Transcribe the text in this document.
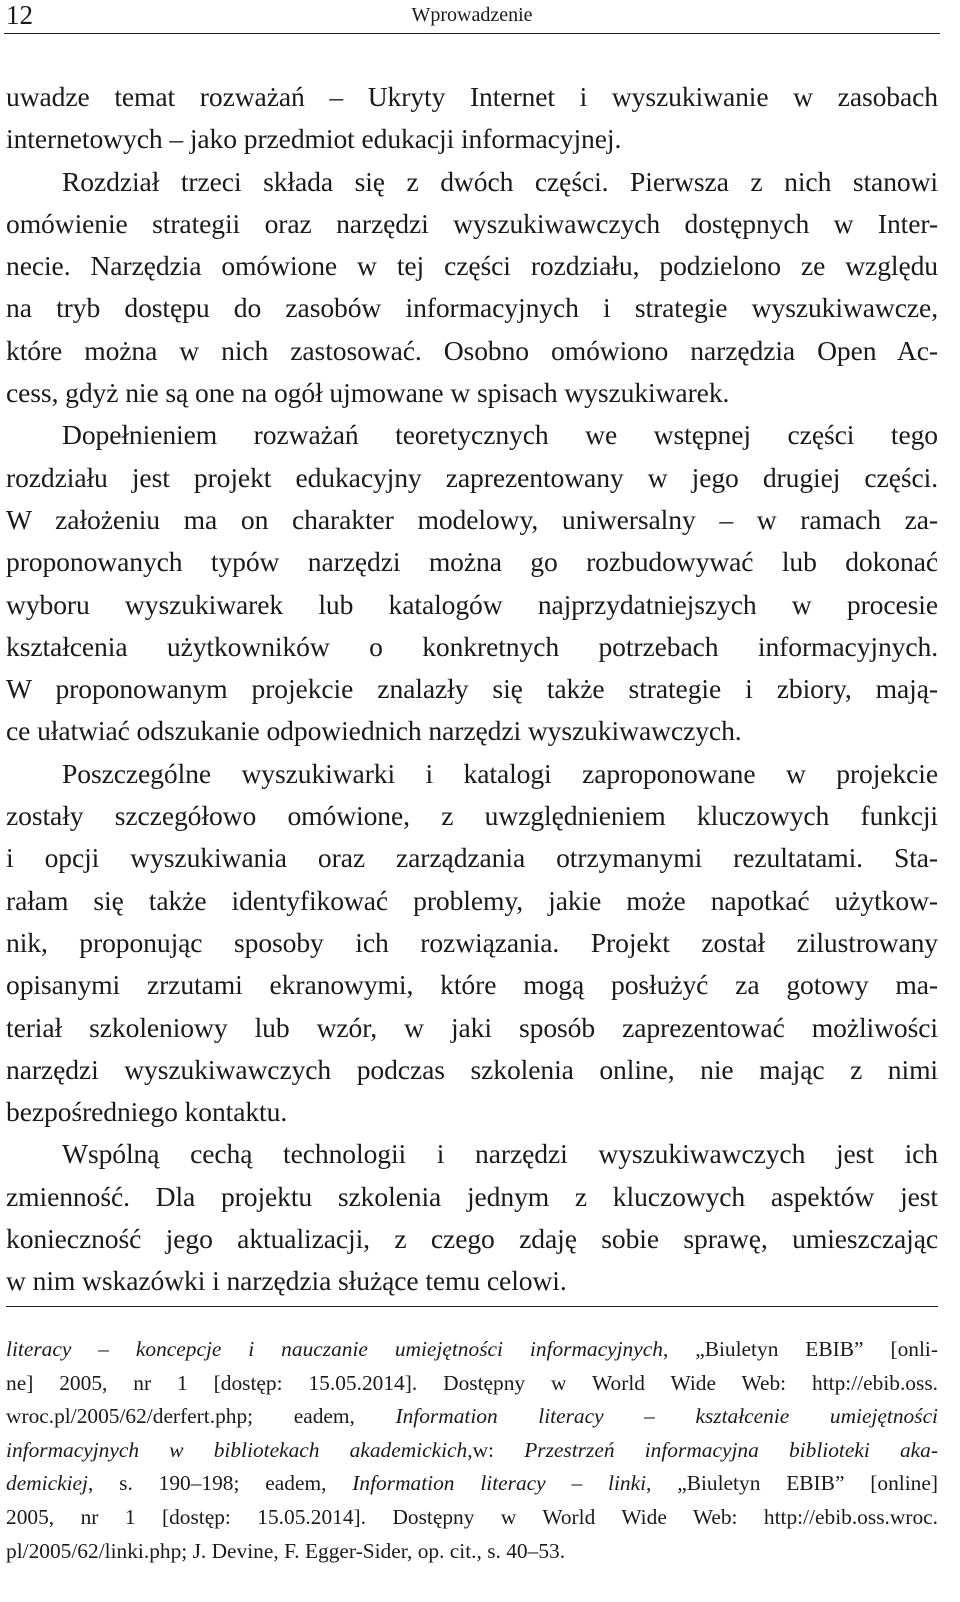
12	Wprowadzenie
uwadze temat rozważań – Ukryty Internet i wyszukiwanie w zasobach
internetowych – jako przedmiot edukacji informacyjnej.
Rozdział trzeci składa się z dwóch części. Pierwsza z nich stanowi
omówienie strategii oraz narzędzi wyszukiwawczych dostępnych w Inter-
necie. Narzędzia omówione w tej części rozdziału, podzielono ze względu
na tryb dostępu do zasobów informacyjnych i strategie wyszukiwawcze,
które można w nich zastosować. Osobno omówiono narzędzia Open Ac-
cess, gdyż nie są one na ogół ujmowane w spisach wyszukiwarek.
Dopełnieniem rozważań teoretycznych we wstępnej części tego
rozdziału jest projekt edukacyjny zaprezentowany w jego drugiej części.
W założeniu ma on charakter modelowy, uniwersalny – w ramach za-
proponowanych typów narzędzi można go rozbudowywać lub dokonać
wyboru wyszukiwarek lub katalogów najprzydatniejszych w procesie
kształcenia użytkowników o konkretnych potrzebach informacyjnych.
W proponowanym projekcie znalazły się także strategie i zbiory, mają-
ce ułatwiać odszukanie odpowiednich narzędzi wyszukiwawczych.
Poszczególne wyszukiwarki i katalogi zaproponowane w projekcie
zostały szczegółowo omówione, z uwzględnieniem kluczowych funkcji
i opcji wyszukiwania oraz zarządzania otrzymanymi rezultatami. Sta-
rałam się także identyfikować problemy, jakie może napotkać użytkow-
nik, proponując sposoby ich rozwiązania. Projekt został zilustrowany
opisanymi zrzutami ekranowymi, które mogą posłużyć za gotowy ma-
teriał szkoleniowy lub wzór, w jaki sposób zaprezentować możliwości
narzędzi wyszukiwawczych podczas szkolenia online, nie mając z nimi
bezpośredniego kontaktu.
Wspólną cechą technologii i narzędzi wyszukiwawczych jest ich
zmienność. Dla projektu szkolenia jednym z kluczowych aspektów jest
konieczność jego aktualizacji, z czego zdaję sobie sprawę, umieszczając
w nim wskazówki i narzędzia służące temu celowi.
literacy – koncepcje i nauczanie umiejętności informacyjnych, „Biuletyn EBIB” [onli-
ne] 2005, nr 1 [dostęp: 15.05.2014]. Dostępny w World Wide Web: http://ebib.oss.
wroc.pl/2005/62/derfert.php; eadem, Information literacy – kształcenie umiejętności
informacyjnych w bibliotekach akademickich,w: Przestrzeń informacyjna biblioteki aka-
demickiej, s. 190–198; eadem, Information literacy – linki, „Biuletyn EBIB” [online]
2005, nr 1 [dostęp: 15.05.2014]. Dostępny w World Wide Web: http://ebib.oss.wroc.
pl/2005/62/linki.php; J. Devine, F. Egger-Sider, op. cit., s. 40–53.
